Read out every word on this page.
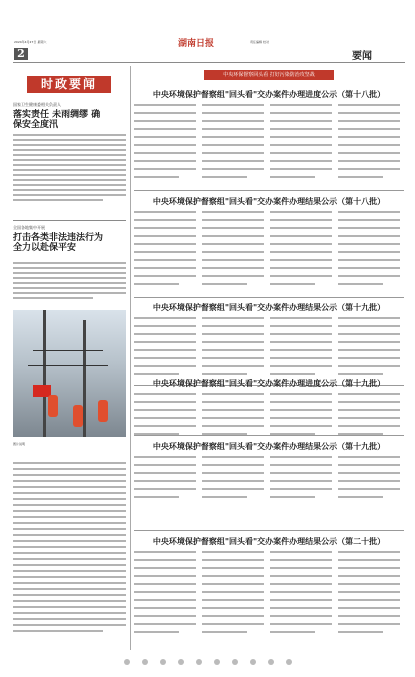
2024年4月27日 星期六	湖南日报	责任编辑 校对
要闻
2
时政要闻
国家卫生健康委相关负责人
落实责任 未雨绸缪 确保安全度汛
全国各地集中开展
打击各类非法违法行为 全力以赴保平安
图片说明
中央环保督察回头看 打好污染防治攻坚战
中央环境保护督察组"回头看"交办案件办理进度公示（第十八批）
中央环境保护督察组"回头看"交办案件办理结果公示（第十八批）
中央环境保护督察组"回头看"交办案件办理结果公示（第十九批）
中央环境保护督察组"回头看"交办案件办理进度公示（第十九批）
中央环境保护督察组"回头看"交办案件办理结果公示（第十九批）
中央环境保护督察组"回头看"交办案件办理结果公示（第二十批）
